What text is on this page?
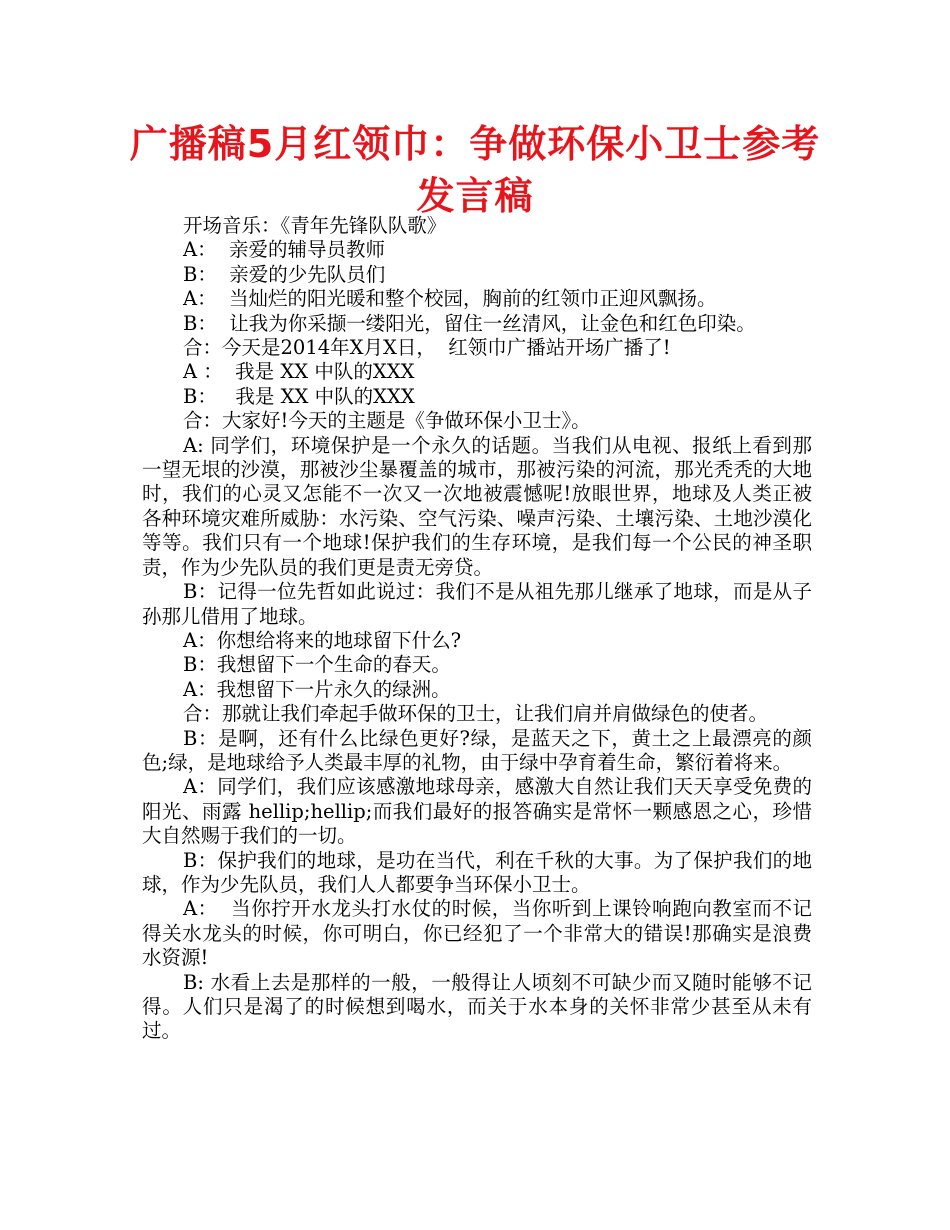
广播稿5月红领巾：争做环保小卫士参考
发言稿

开场音乐：《青年先锋队队歌》

A：  亲爱的辅导员教师

B：  亲爱的少先队员们

A：  当灿烂的阳光暖和整个校园，胸前的红领巾正迎风飘扬。

B：  让我为你采撷一缕阳光，留住一丝清风，让金色和红色印染。

合：今天是2014年X月X日，  红领巾广播站开场广播了!

A ：  我是 XX 中队的XXX

B：   我是 XX 中队的XXX

合：大家好!今天的主题是《争做环保小卫士》。

A: 同学们，环境保护是一个永久的话题。当我们从电视、报纸上看到那一望无垠的沙漠，那被沙尘暴覆盖的城市，那被污染的河流，那光秃秃的大地时，我们的心灵又怎能不一次又一次地被震憾呢!放眼世界，地球及人类正被各种环境灾难所威胁：水污染、空气污染、噪声污染、土壤污染、土地沙漠化等等。我们只有一个地球!保护我们的生存环境，是我们每一个公民的神圣职责，作为少先队员的我们更是责无旁贷。

B：记得一位先哲如此说过：我们不是从祖先那儿继承了地球，而是从子孙那儿借用了地球。

A：你想给将来的地球留下什么?

B：我想留下一个生命的春天。

A：我想留下一片永久的绿洲。

合：那就让我们牵起手做环保的卫士，让我们肩并肩做绿色的使者。

B：是啊，还有什么比绿色更好?绿，是蓝天之下，黄土之上最漂亮的颜色;绿，是地球给予人类最丰厚的礼物，由于绿中孕育着生命，繁衍着将来。

A：同学们，我们应该感激地球母亲，感激大自然让我们天天享受免费的阳光、雨露 hellip;hellip;而我们最好的报答确实是常怀一颗感恩之心，珍惜大自然赐于我们的一切。

B：保护我们的地球，是功在当代，利在千秋的大事。为了保护我们的地球，作为少先队员，我们人人都要争当环保小卫士。

A：  当你拧开水龙头打水仗的时候，当你听到上课铃响跑向教室而不记得关水龙头的时候，你可明白，你已经犯了一个非常大的错误!那确实是浪费水资源!

B: 水看上去是那样的一般，一般得让人顷刻不可缺少而又随时能够不记得。人们只是渴了的时候想到喝水，而关于水本身的关怀非常少甚至从未有过。
